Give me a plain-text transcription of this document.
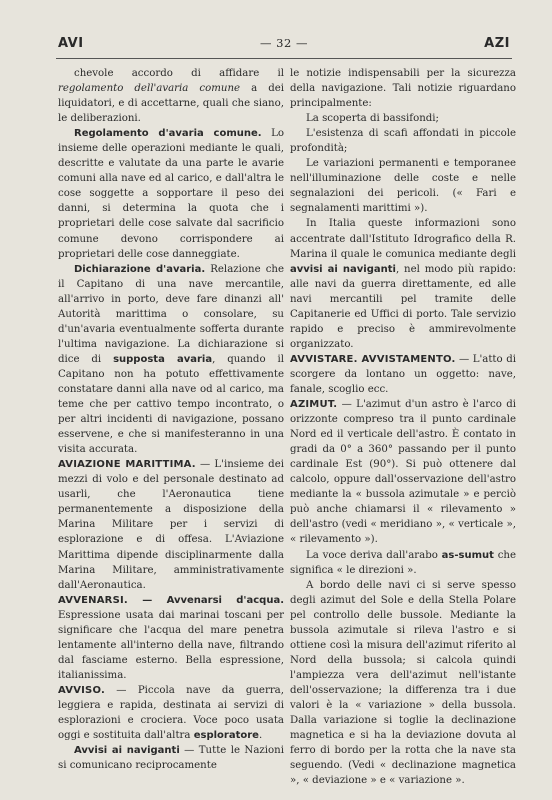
AVI	— 32 —	AZI

chevole accordo di affidare il regolamento dell'avaria comune a dei liquidatori, e di accettarne, quali che siano, le deliberazioni.

Regolamento d'avaria comune. Lo insieme delle operazioni mediante le quali, descritte e valutate da una parte le avarie comuni alla nave ed al carico, e dall'altra le cose soggette a sopportare il peso dei danni, si determina la quota che i proprietari delle cose salvate dal sacrificio comune devono corrispondere ai proprietari delle cose danneggiate.

Dichiarazione d'avaria. Relazione che il Capitano di una nave mercantile, all'arrivo in porto, deve fare dinanzi all' Autorità marittima o consolare, su d'un'avaria eventualmente sofferta durante l'ultima navigazione. La dichiarazione si dice di supposta avaria, quando il Capitano non ha potuto effettivamente constatare danni alla nave od al carico, ma teme che per cattivo tempo incontrato, o per altri incidenti di navigazione, possano esservene, e che si manifesteranno in una visita accurata.

AVIAZIONE MARITTIMA. — L'insieme dei mezzi di volo e del personale destinato ad usarli, che l'Aeronautica tiene permanentemente a disposizione della Marina Militare per i servizi di esplorazione e di offesa. L'Aviazione Marittima dipende disciplinarmente dalla Marina Militare, amministrativamente dall'Aeronautica.

AVVENARSI. — Avvenarsi d'acqua. Espressione usata dai marinai toscani per significare che l'acqua del mare penetra lentamente all'interno della nave, filtrando dal fasciame esterno. Bella espressione, italianissima.

AVVISO. — Piccola nave da guerra, leggiera e rapida, destinata ai servizi di esplorazioni e crociera. Voce poco usata oggi e sostituita dall'altra esploratore.

Avvisi ai naviganti — Tutte le Nazioni si comunicano reciprocamente

le notizie indispensabili per la sicurezza della navigazione. Tali notizie riguardano principalmente:

La scoperta di bassifondi;

L'esistenza di scafi affondati in piccole profondità;

Le variazioni permanenti e temporanee nell'illuminazione delle coste e nelle segnalazioni dei pericoli. (« Fari e segnalamenti marittimi »).

In Italia queste informazioni sono accentrate dall'Istituto Idrografico della R. Marina il quale le comunica mediante degli avvisi ai naviganti, nel modo più rapido: alle navi da guerra direttamente, ed alle navi mercantili pel tramite delle Capitanerie ed Uffici di porto. Tale servizio rapido e preciso è ammirevolmente organizzato.

AVVISTARE. AVVISTAMENTO. — L'atto di scorgere da lontano un oggetto: nave, fanale, scoglio ecc.

AZIMUT. — L'azimut d'un astro è l'arco di orizzonte compreso tra il punto cardinale Nord ed il verticale dell'astro. È contato in gradi da 0° a 360° passando per il punto cardinale Est (90°). Si può ottenere dal calcolo, oppure dall'osservazione dell'astro mediante la « bussola azimutale » e perciò può anche chiamarsi il « rilevamento » dell'astro (vedi « meridiano », « verticale », « rilevamento »).

La voce deriva dall'arabo as-sumut che significa « le direzioni ».

A bordo delle navi ci si serve spesso degli azimut del Sole e della Stella Polare pel controllo delle bussole. Mediante la bussola azimutale si rileva l'astro e si ottiene così la misura dell'azimut riferito al Nord della bussola; si calcola quindi l'ampiezza vera dell'azimut nell'istante dell'osservazione; la differenza tra i due valori è la « variazione » della bussola. Dalla variazione si toglie la declinazione magnetica e si ha la deviazione dovuta al ferro di bordo per la rotta che la nave sta seguendo. (Vedi « declinazione magnetica », « deviazione » e « variazione ».
